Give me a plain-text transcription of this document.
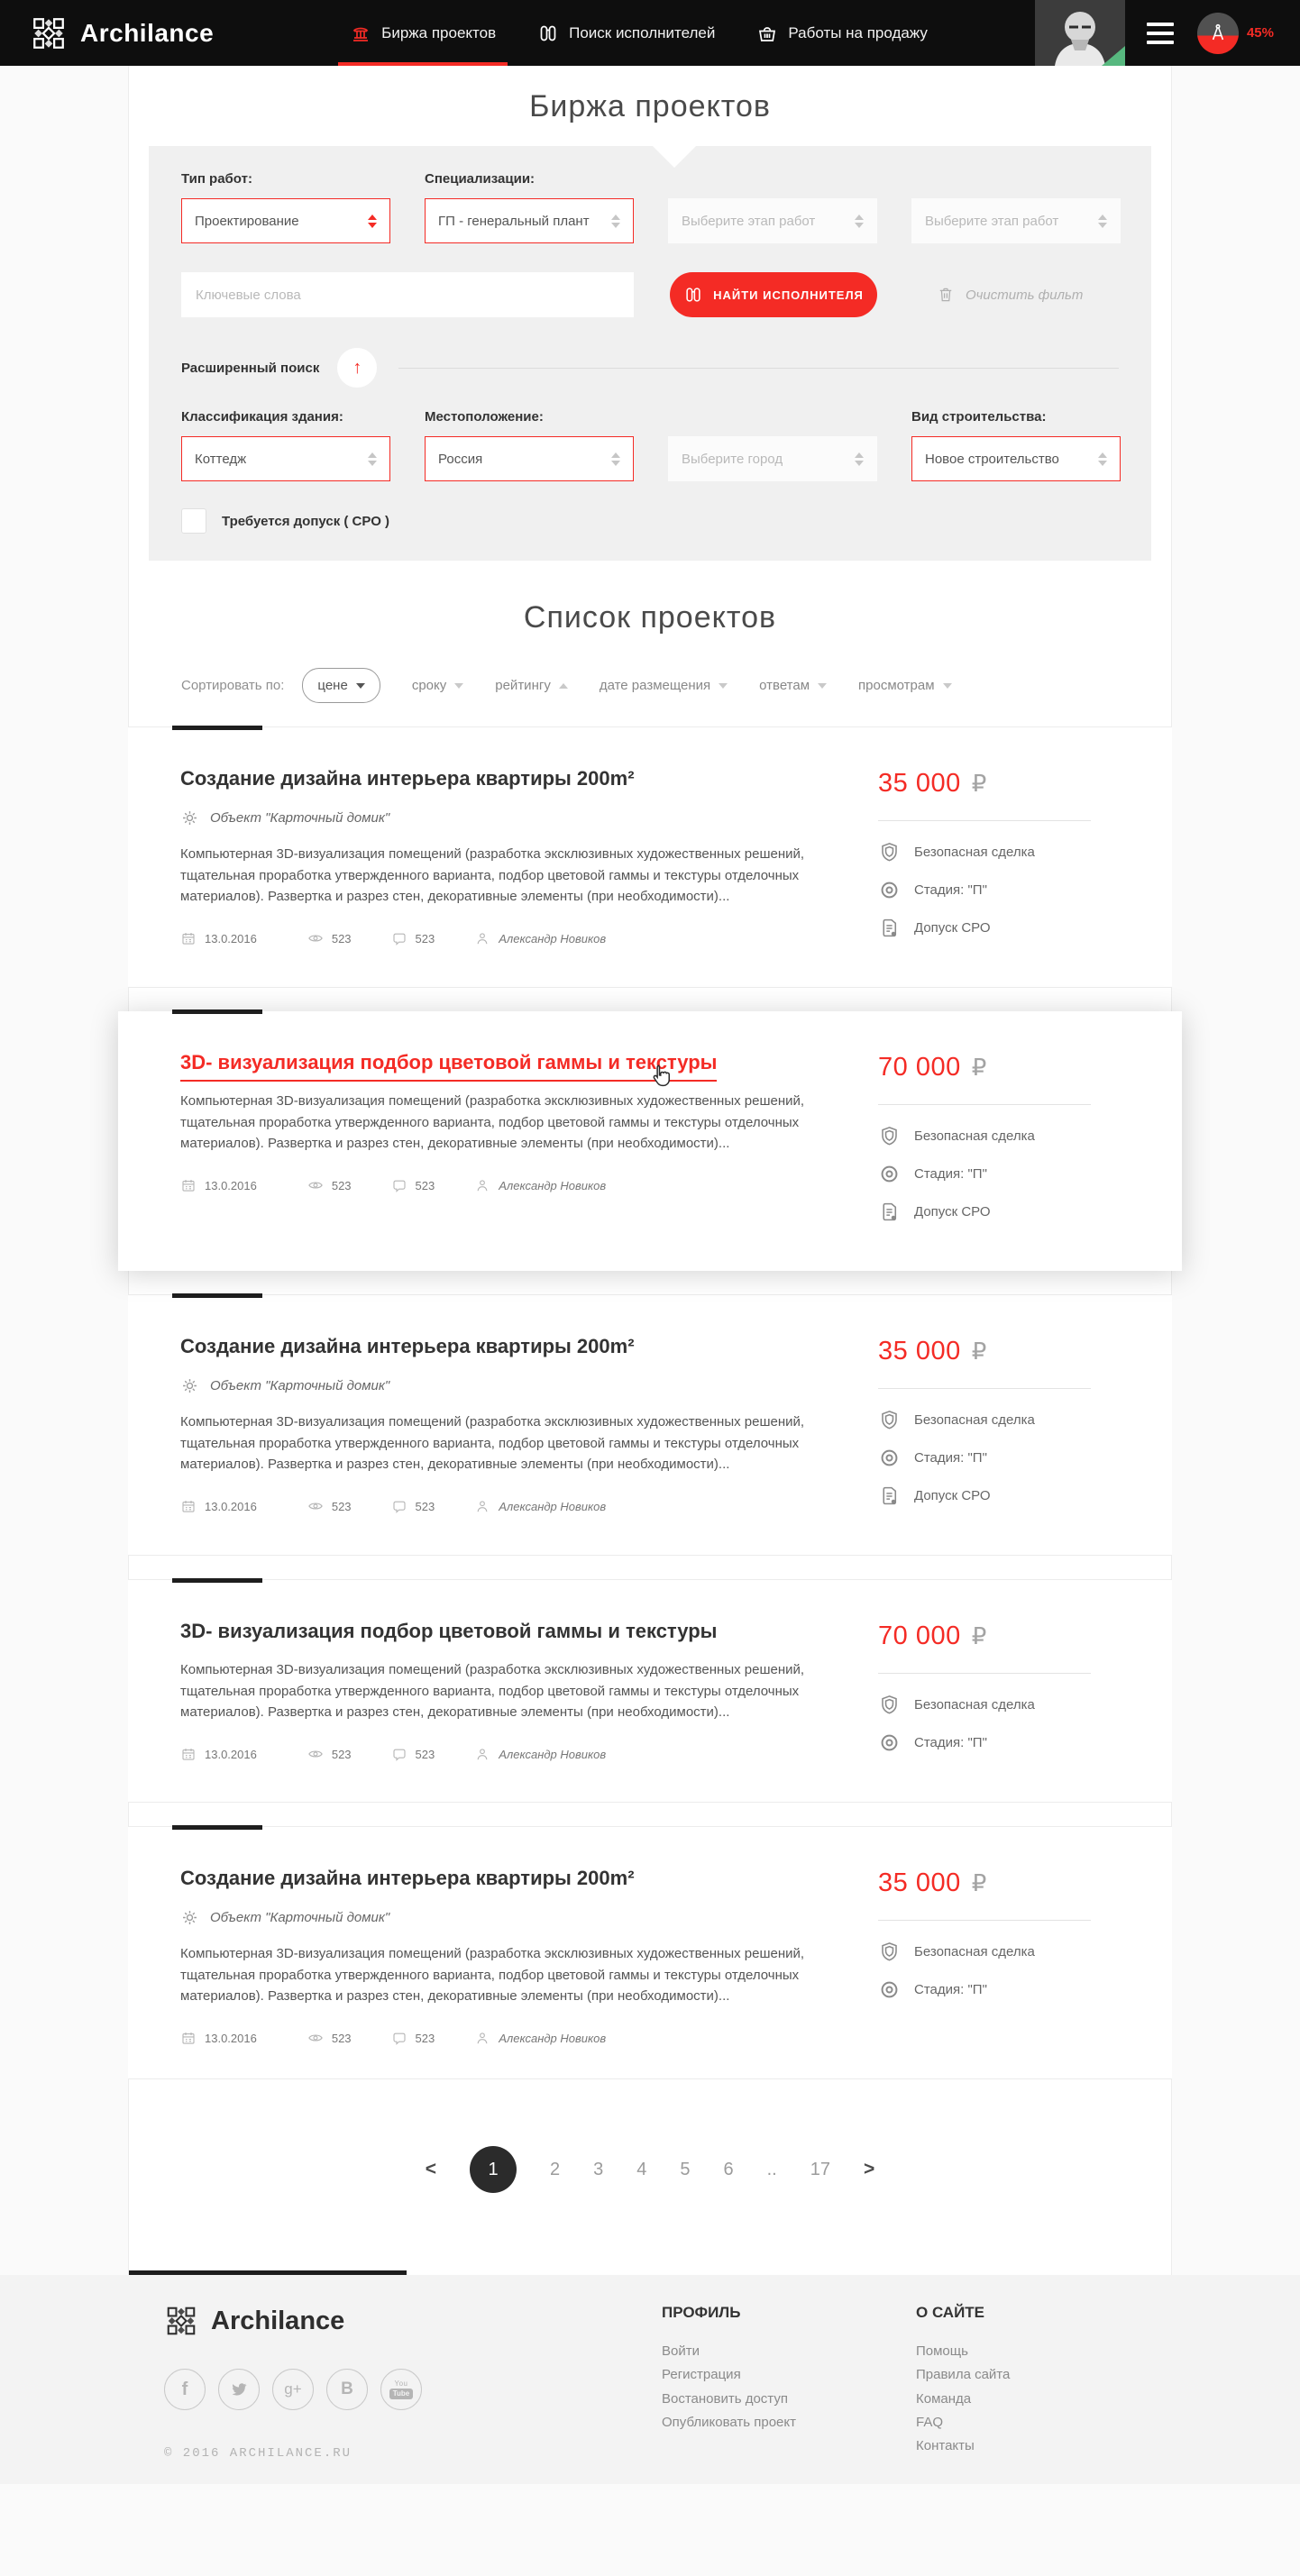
Archilance	Биржа проектов	Поиск исполнителей	Работы на продажу	45%
Биржа проектов
Тип работ:
Проектирование
Специализации:
ГП - генеральный плант	Выберите этап работ	Выберите этап работ
Ключевые слова
НАЙТИ ИСПОЛНИТЕЛЯ	Очистить фильт
Расширенный поиск ↑
Классификация здания:
Коттедж
Местоположение:
Россия	Выберите город
Вид строительства:
Новое строительство
Требуется допуск ( СРО )
Список проектов
Сортировать по: цене	сроку	рейтингу	дате размещения	ответам	просмотрам
Создание дизайна интерьера квартиры 200m²
Объект "Карточный домик"

Компьютерная 3D-визуализация помещений (разработка эксклюзивных художественных решений, тщательная проработка утвержденного варианта, подбор цветовой гаммы и текстуры отделочных материалов). Развертка и разрез стен, декоративные элементы (при необходимости)...

13.0.2016	523	523	Александр Новиков
35 000 ₽
Безопасная сделка
Стадия: "П"
Допуск СРО
3D- визуализация подбор цветовой гаммы и текстуры

Компьютерная 3D-визуализация помещений (разработка эксклюзивных художественных решений, тщательная проработка утвержденного варианта, подбор цветовой гаммы и текстуры отделочных материалов). Развертка и разрез стен, декоративные элементы (при необходимости)...

13.0.2016	523	523	Александр Новиков
70 000 ₽
Безопасная сделка
Стадия: "П"
Допуск СРО
Создание дизайна интерьера квартиры 200m²
Объект "Карточный домик"

Компьютерная 3D-визуализация помещений (разработка эксклюзивных художественных решений, тщательная проработка утвержденного варианта, подбор цветовой гаммы и текстуры отделочных материалов). Развертка и разрез стен, декоративные элементы (при необходимости)...

13.0.2016	523	523	Александр Новиков
35 000 ₽
Безопасная сделка
Стадия: "П"
Допуск СРО
3D- визуализация подбор цветовой гаммы и текстуры

Компьютерная 3D-визуализация помещений (разработка эксклюзивных художественных решений, тщательная проработка утвержденного варианта, подбор цветовой гаммы и текстуры отделочных материалов). Развертка и разрез стен, декоративные элементы (при необходимости)...

13.0.2016	523	523	Александр Новиков
70 000 ₽
Безопасная сделка
Стадия: "П"
Создание дизайна интерьера квартиры 200m²
Объект "Карточный домик"

Компьютерная 3D-визуализация помещений (разработка эксклюзивных художественных решений, тщательная проработка утвержденного варианта, подбор цветовой гаммы и текстуры отделочных материалов). Развертка и разрез стен, декоративные элементы (при необходимости)...

13.0.2016	523	523	Александр Новиков
35 000 ₽
Безопасная сделка
Стадия: "П"
<	1	2 3 4 5 6 .. 17 >
Archilance
f	g+ B	You
Tube
© 2016 ARCHILANCE.RU
ПРОФИЛЬ
Войти
Регистрация
Востановить доступ
Опубликовать проект
О САЙТЕ
Помощь
Правила сайта
Команда
FAQ
Контакты
